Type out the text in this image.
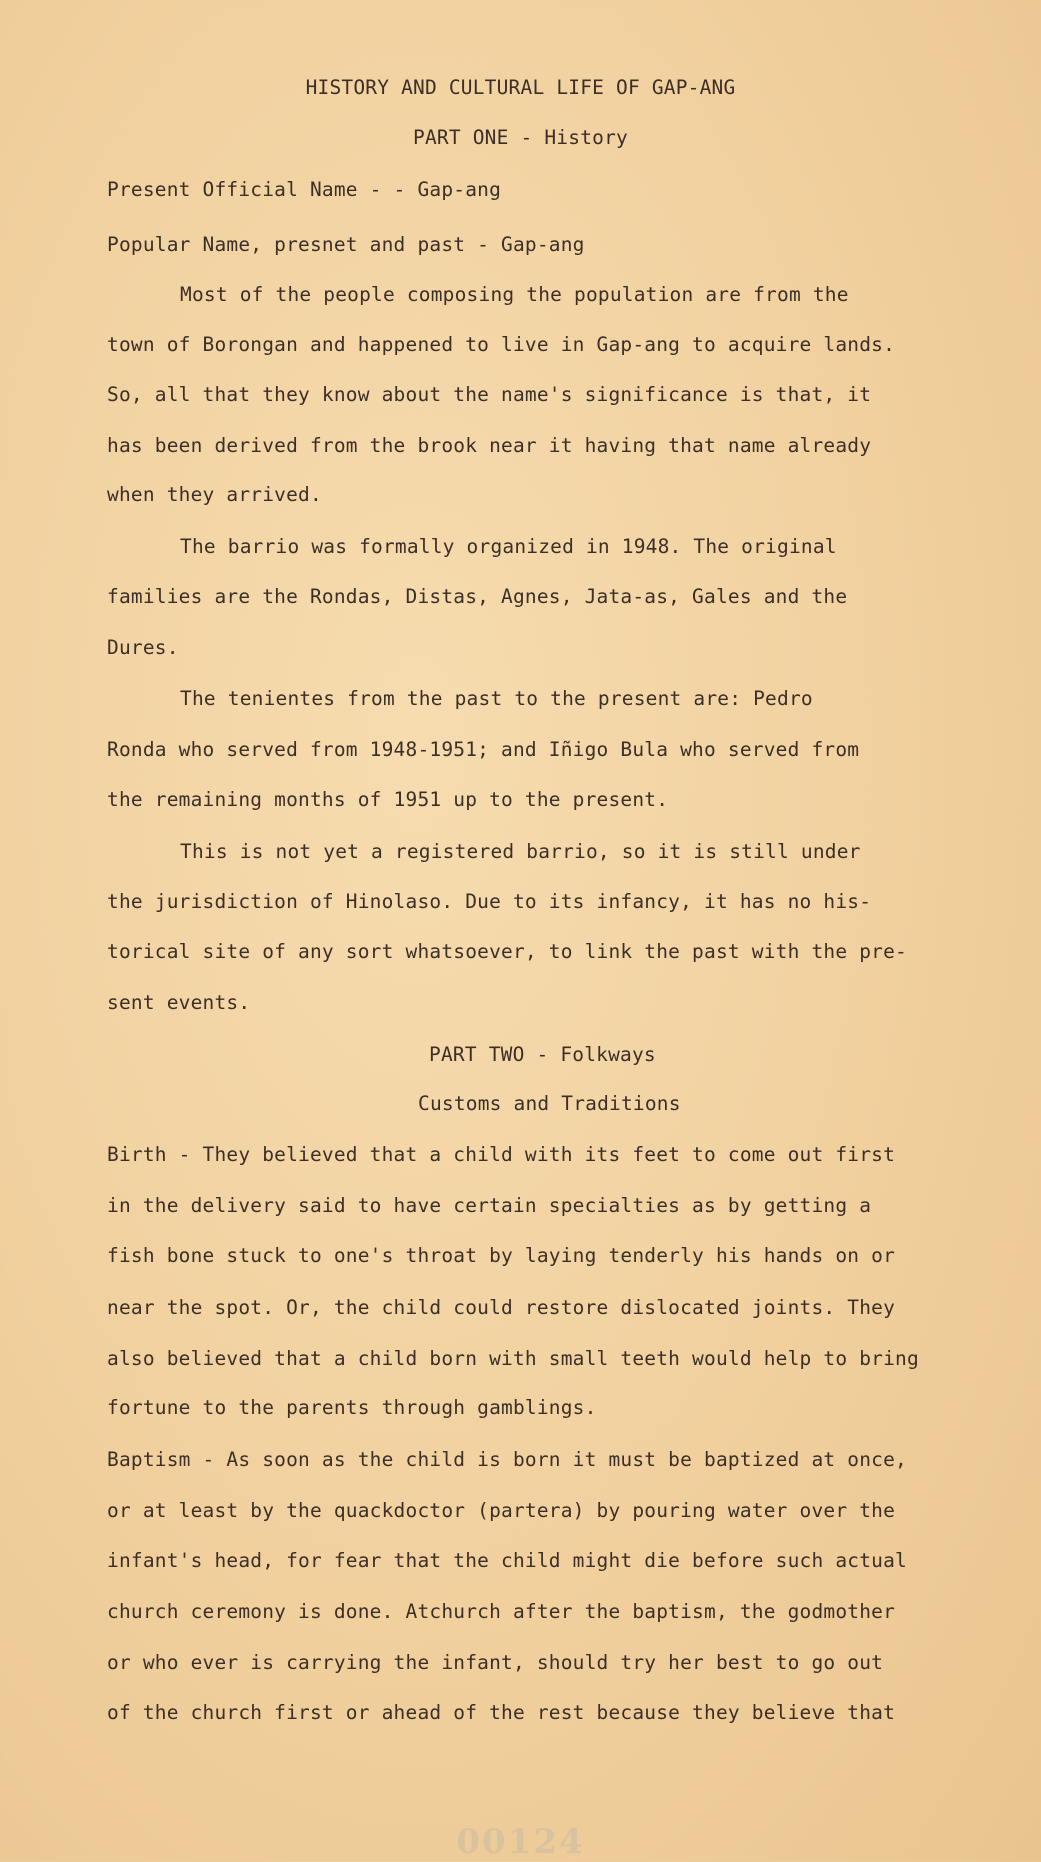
HISTORY AND CULTURAL LIFE OF GAP-ANG
PART ONE - History
Present Official Name - - Gap-ang
Popular Name, presnet and past - Gap-ang
Most of the people composing the population are from the
town of Borongan and happened to live in Gap-ang to acquire lands.
So, all that they know about the name's significance is that, it
has been derived from the brook near it having that name already
when they arrived.
The barrio was formally organized in 1948. The original
families are the Rondas, Distas, Agnes, Jata-as, Gales and the
Dures.
The tenientes from the past to the present are: Pedro
Ronda who served from 1948-1951; and Iñigo Bula who served from
the remaining months of 1951 up to the present.
This is not yet a registered barrio, so it is still under
the jurisdiction of Hinolaso. Due to its infancy, it has no his-
torical site of any sort whatsoever, to link the past with the pre-
sent events.
PART TWO - Folkways
Customs and Traditions
Birth - They believed that a child with its feet to come out first
in the delivery said to have certain specialties as by getting a
fish bone stuck to one's throat by laying tenderly his hands on or
near the spot. Or, the child could restore dislocated joints. They
also believed that a child born with small teeth would help to bring
fortune to the parents through gamblings.
Baptism - As soon as the child is born it must be baptized at once,
or at least by the quackdoctor (partera) by pouring water over the
infant's head, for fear that the child might die before such actual
church ceremony is done. Atchurch after the baptism, the godmother
or who ever is carrying the infant, should try her best to go out
of the church first or ahead of the rest because they believe that
00124
